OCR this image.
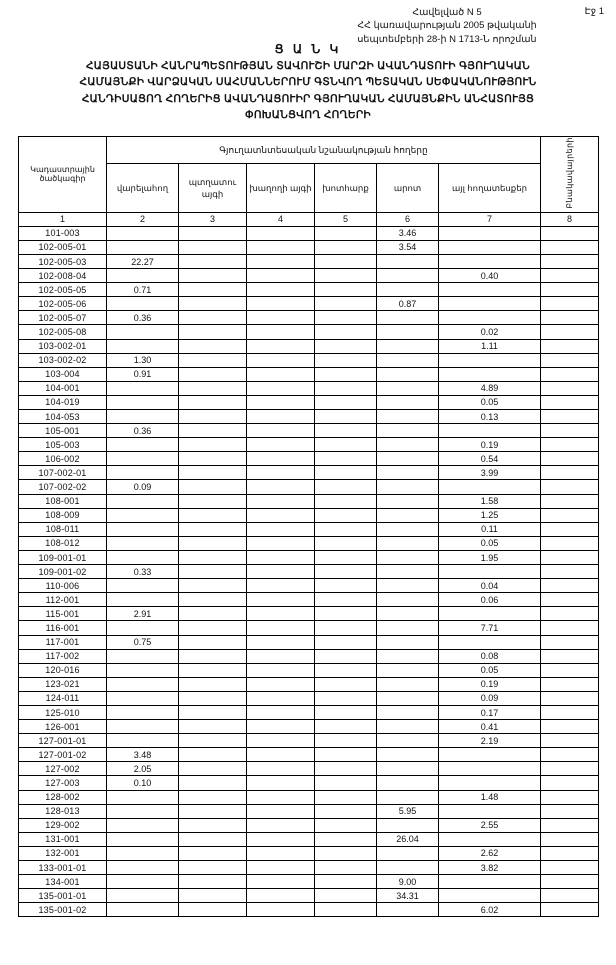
Էջ 1
Հավելված N 5
ՀՀ կառավարության 2005 թվականի
սեպտեմբերի 28-ի N 1713-Ն որոշման
Ց Ա Ն Կ
ՀԱՅԱՍՏԱՆԻ ՀԱՆՐԱՊԵՏՈՒԹՅԱՆ ՏԱՎՈՒՇԻ ՄԱՐԶԻ ԱՎԱՆԴԱՏՈՒԻ ԳՅՈՒՂԱԿԱՆ
ՀԱՄԱՅՆՔԻ ՎԱՐՁԱԿԱՆ ՍԱՀՄԱՆՆԵՐՈՒՄ ԳՏՆՎՈՂ ՊԵՏԱԿԱՆ ՍԵՓԱԿԱՆՈՒԹՅՈՒՆ
ՀԱՆԴԻՍԱՑՈՂ ՀՈՂԵՐԻՑ ԱՎԱՆԴԱՑՈՒԻՐ ԳՅՈՒՂԱԿԱՆ ՀԱՄԱՅՆՔԻՆ ԱՆՀԱՏՈՒՅՑ
ՓՈԽԱՆՑՎՈՂ ՀՈՂԵՐԻ
Կադաստրային ծածկագիր	Գյուղատնտեսական նշանակության հողերը						Բնակավայրերի
	վարելահող	պտղատու այգի	խաղողի այգի	խոտհարք	արոտ	այլ հողատեսքեր	
1	2	3	4	5	6	7	8
101-003					3.46		
102-005-01					3.54		
102-005-03	22.27						
102-008-04						0.40	
102-005-05	0.71						
102-005-06					0.87		
102-005-07	0.36						
102-005-08						0.02	
103-002-01						1.11	
103-002-02	1.30						
103-004	0.91						
104-001						4.89	
104-019						0.05	
104-053						0.13	
105-001	0.36						
105-003						0.19	
106-002						0.54	
107-002-01						3.99	
107-002-02	0.09						
108-001						1.58	
108-009						1.25	
108-011						0.11	
108-012						0.05	
109-001-01						1.95	
109-001-02	0.33						
110-006						0.04	
112-001						0.06	
115-001	2.91						
116-001						7.71	
117-001	0.75						
117-002						0.08	
120-016						0.05	
123-021						0.19	
124-011						0.09	
125-010						0.17	
126-001						0.41	
127-001-01						2.19	
127-001-02	3.48						
127-002	2.05						
127-003	0.10						
128-002						1.48	
128-013					5.95		
129-002						2.55	
131-001					26.04		
132-001						2.62	
133-001-01						3.82	
134-001					9.00		
135-001-01					34.31		
135-001-02						6.02	
